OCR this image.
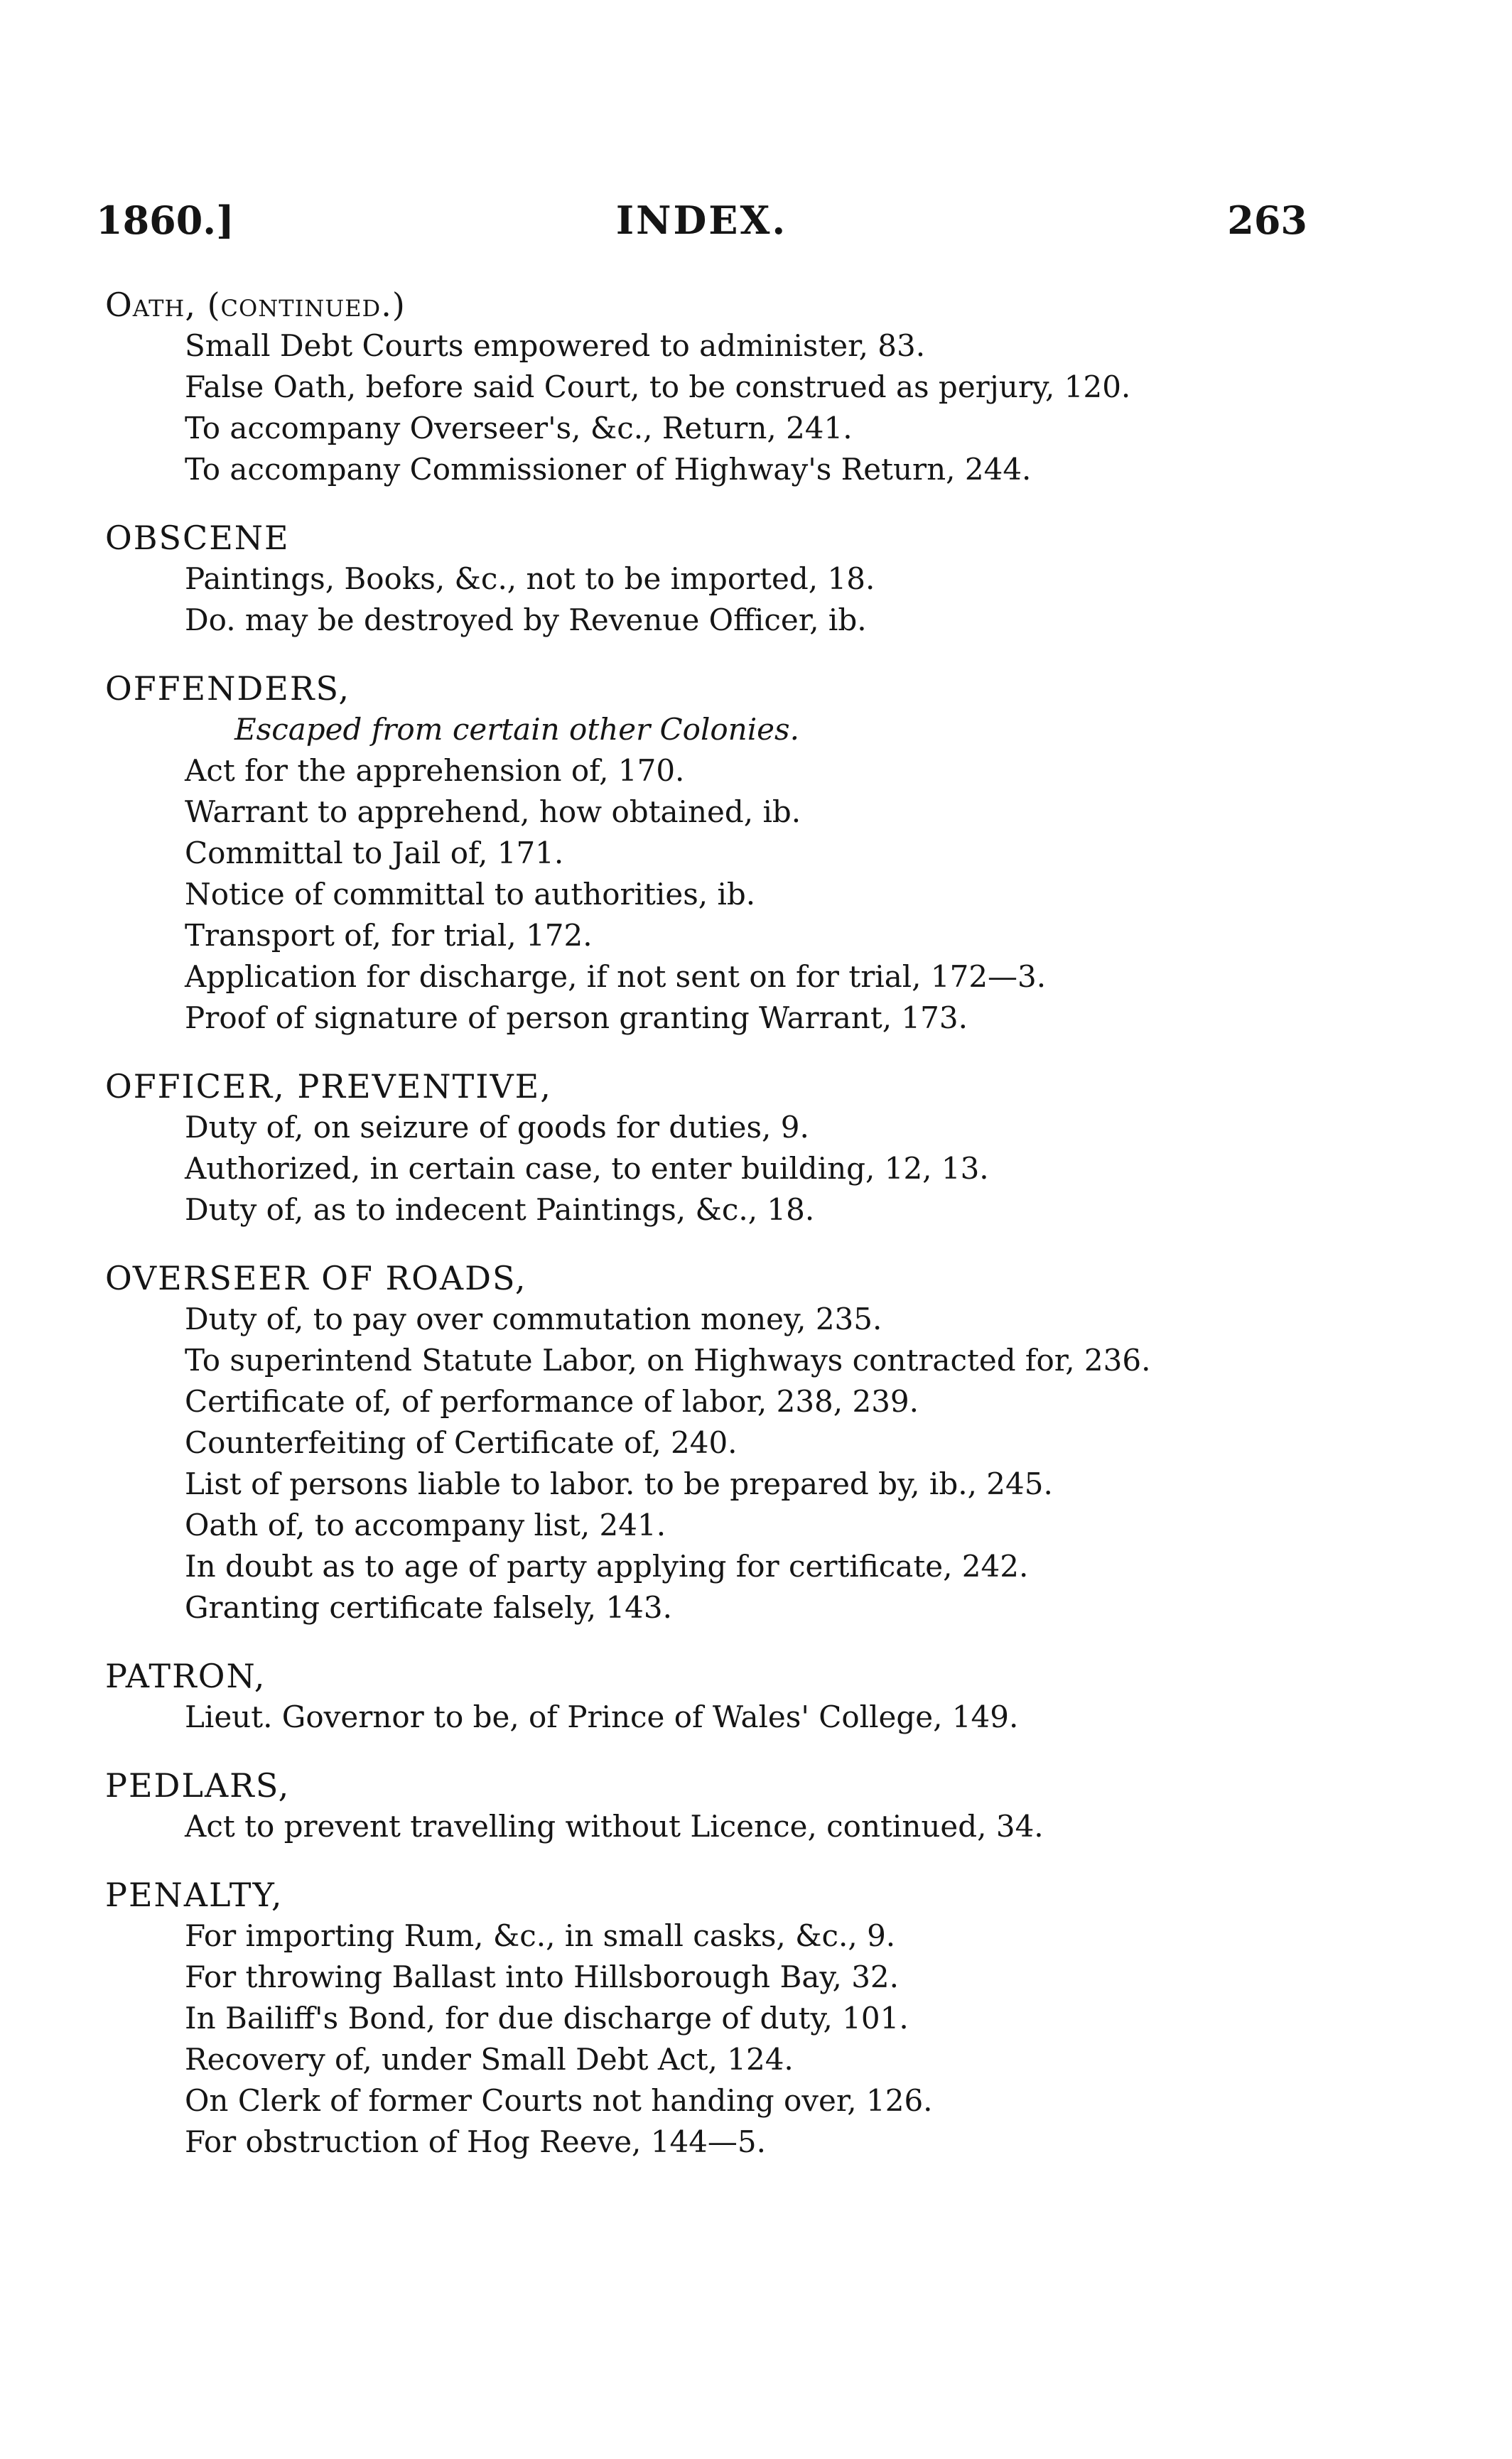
1860.]	INDEX.	263
Oath, (continued.)
Small Debt Courts empowered to administer, 83.
False Oath, before said Court, to be construed as perjury, 120.
To accompany Overseer's, &c., Return, 241.
To accompany Commissioner of Highway's Return, 244.
OBSCENE
Paintings, Books, &c., not to be imported, 18.
Do. may be destroyed by Revenue Officer, ib.
OFFENDERS,
Escaped from certain other Colonies.
Act for the apprehension of, 170.
Warrant to apprehend, how obtained, ib.
Committal to Jail of, 171.
Notice of committal to authorities, ib.
Transport of, for trial, 172.
Application for discharge, if not sent on for trial, 172—3.
Proof of signature of person granting Warrant, 173.
OFFICER, PREVENTIVE,
Duty of, on seizure of goods for duties, 9.
Authorized, in certain case, to enter building, 12, 13.
Duty of, as to indecent Paintings, &c., 18.
OVERSEER OF ROADS,
Duty of, to pay over commutation money, 235.
To superintend Statute Labor, on Highways contracted for, 236.
Certificate of, of performance of labor, 238, 239.
Counterfeiting of Certificate of, 240.
List of persons liable to labor. to be prepared by, ib., 245.
Oath of, to accompany list, 241.
In doubt as to age of party applying for certificate, 242.
Granting certificate falsely, 143.
PATRON,
Lieut. Governor to be, of Prince of Wales' College, 149.
PEDLARS,
Act to prevent travelling without Licence, continued, 34.
PENALTY,
For importing Rum, &c., in small casks, &c., 9.
For throwing Ballast into Hillsborough Bay, 32.
In Bailiff's Bond, for due discharge of duty, 101.
Recovery of, under Small Debt Act, 124.
On Clerk of former Courts not handing over, 126.
For obstruction of Hog Reeve, 144—5.
